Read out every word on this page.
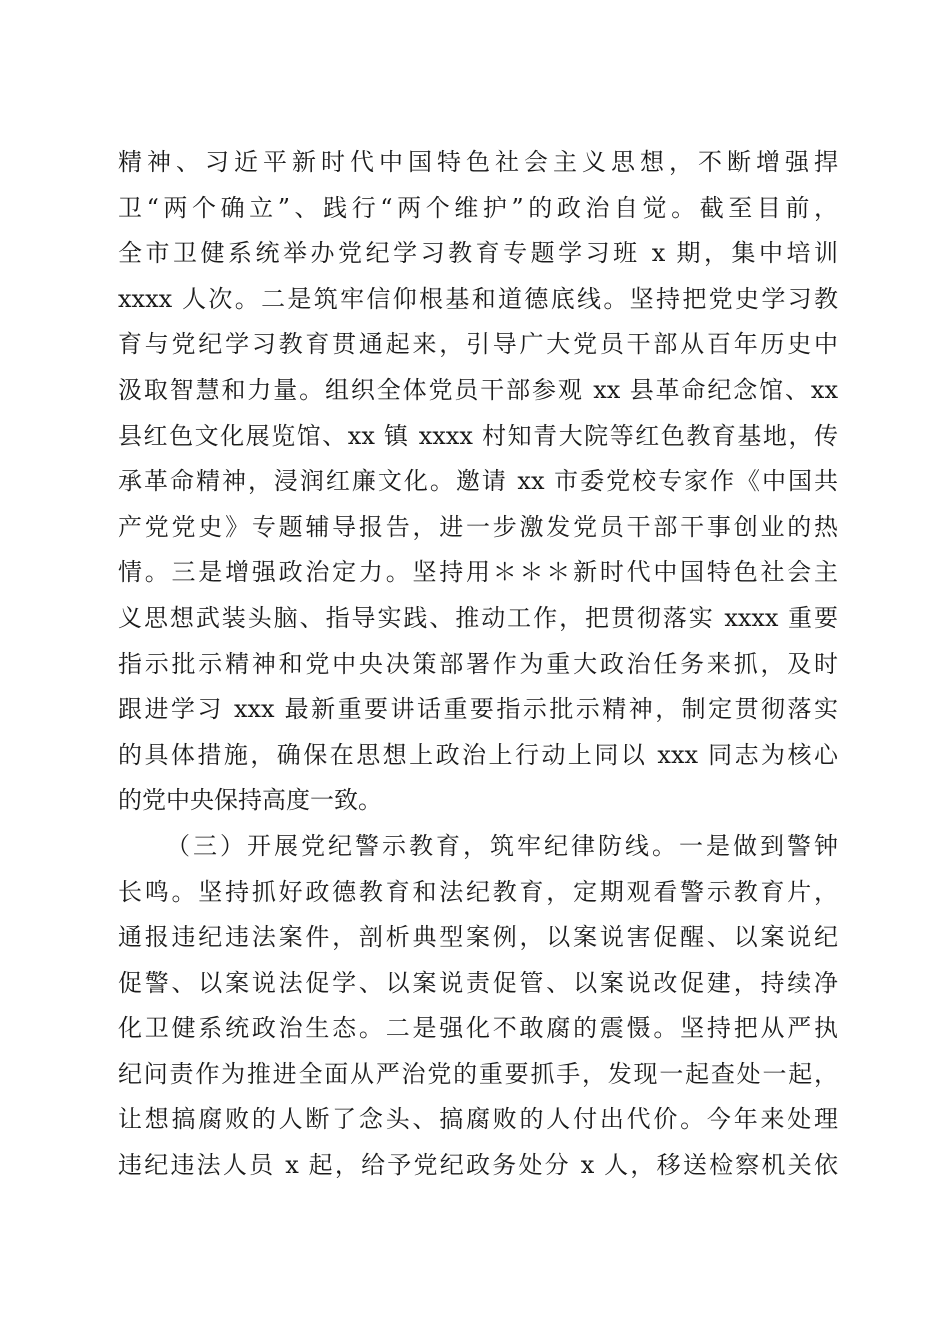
精神、习近平新时代中国特色社会主义思想，不断增强捍
卫“两个确立”、践行“两个维护”的政治自觉。截至目前，
全市卫健系统举办党纪学习教育专题学习班 x 期，集中培训
xxxx 人次。二是筑牢信仰根基和道德底线。坚持把党史学习教
育与党纪学习教育贯通起来，引导广大党员干部从百年历史中
汲取智慧和力量。组织全体党员干部参观 xx 县革命纪念馆、xx
县红色文化展览馆、xx 镇 xxxx 村知青大院等红色教育基地，传
承革命精神，浸润红廉文化。邀请 xx 市委党校专家作《中国共
产党党史》专题辅导报告，进一步激发党员干部干事创业的热
情。三是增强政治定力。坚持用＊＊＊新时代中国特色社会主
义思想武装头脑、指导实践、推动工作，把贯彻落实 xxxx 重要
指示批示精神和党中央决策部署作为重大政治任务来抓，及时
跟进学习 xxx 最新重要讲话重要指示批示精神，制定贯彻落实
的具体措施，确保在思想上政治上行动上同以 xxx 同志为核心
的党中央保持高度一致。
（三）开展党纪警示教育，筑牢纪律防线。一是做到警钟
长鸣。坚持抓好政德教育和法纪教育，定期观看警示教育片，
通报违纪违法案件，剖析典型案例，以案说害促醒、以案说纪
促警、以案说法促学、以案说责促管、以案说改促建，持续净
化卫健系统政治生态。二是强化不敢腐的震慑。坚持把从严执
纪问责作为推进全面从严治党的重要抓手，发现一起查处一起，
让想搞腐败的人断了念头、搞腐败的人付出代价。今年来处理
违纪违法人员 x 起，给予党纪政务处分 x 人，移送检察机关依
